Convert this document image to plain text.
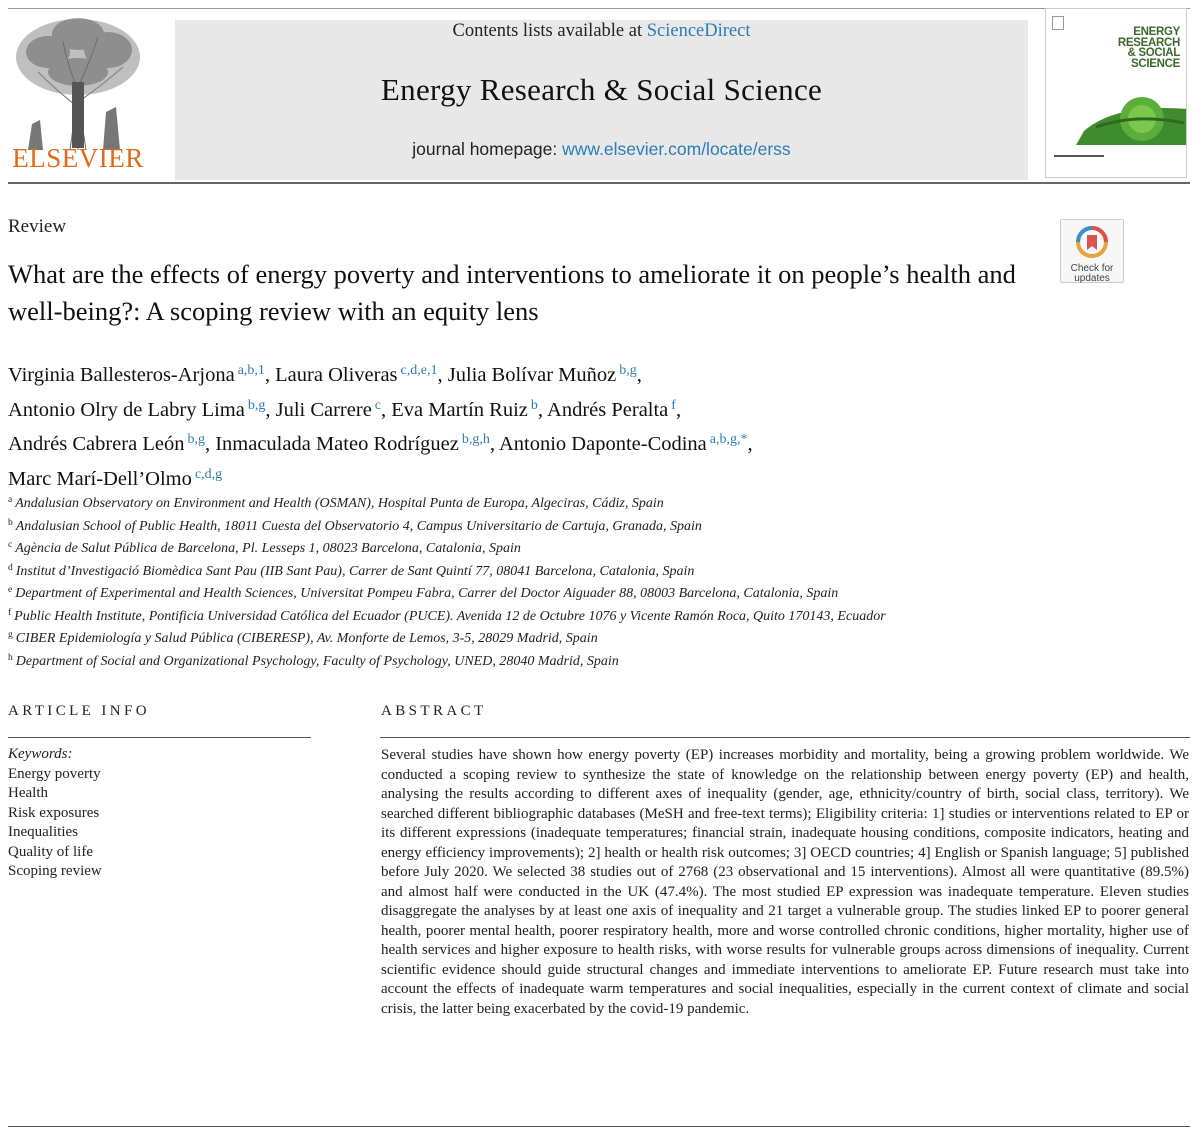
ELSEVIER
Contents lists available at ScienceDirect
Energy Research & Social Science
journal homepage: www.elsevier.com/locate/erss
ENERGY
RESEARCH
& SOCIAL
SCIENCE
Review
Check for updates
What are the effects of energy poverty and interventions to ameliorate it on people’s health and well-being?: A scoping review with an equity lens
Virginia Ballesteros-Arjona $^{a,b,1}$, Laura Oliveras $^{c,d,e,1}$, Julia Bolívar Muñoz $^{b,g}$,
Antonio Olry de Labry Lima $^{b,g}$, Juli Carrere $^c$, Eva Martín Ruiz $^b$, Andrés Peralta $^f$,
Andrés Cabrera León $^{b,g}$, Inmaculada Mateo Rodríguez $^{b,g,h}$, Antonio Daponte-Codina $^{a,b,g,*}$,
Marc Marí-Dell’Olmo $^{c,d,g}$
$^a$ Andalusian Observatory on Environment and Health (OSMAN), Hospital Punta de Europa, Algeciras, Cádiz, Spain
$^b$ Andalusian School of Public Health, 18011 Cuesta del Observatorio 4, Campus Universitario de Cartuja, Granada, Spain
$^c$ Agència de Salut Pública de Barcelona, Pl. Lesseps 1, 08023 Barcelona, Catalonia, Spain
$^d$ Institut d’Investigació Biomèdica Sant Pau (IIB Sant Pau), Carrer de Sant Quintí 77, 08041 Barcelona, Catalonia, Spain
$^e$ Department of Experimental and Health Sciences, Universitat Pompeu Fabra, Carrer del Doctor Aiguader 88, 08003 Barcelona, Catalonia, Spain
$^f$ Public Health Institute, Pontificia Universidad Católica del Ecuador (PUCE). Avenida 12 de Octubre 1076 y Vicente Ramón Roca, Quito 170143, Ecuador
$^g$ CIBER Epidemiología y Salud Pública (CIBERESP), Av. Monforte de Lemos, 3-5, 28029 Madrid, Spain
$^h$ Department of Social and Organizational Psychology, Faculty of Psychology, UNED, 28040 Madrid, Spain
ARTICLE INFO	ABSTRACT
Keywords:
Energy poverty
Health
Risk exposures
Inequalities
Quality of life
Scoping review
Several studies have shown how energy poverty (EP) increases morbidity and mortality, being a growing problem worldwide. We conducted a scoping review to synthesize the state of knowledge on the relationship between energy poverty (EP) and health, analysing the results according to different axes of inequality (gender, age, ethnicity/country of birth, social class, territory). We searched different bibliographic databases (MeSH and free-text terms); Eligibility criteria: 1] studies or interventions related to EP or its different expressions (inadequate temperatures; financial strain, inadequate housing conditions, composite indicators, heating and energy efficiency improvements); 2] health or health risk outcomes; 3] OECD countries; 4] English or Spanish language; 5] published before July 2020. We selected 38 studies out of 2768 (23 observational and 15 interventions). Almost all were quantitative (89.5%) and almost half were conducted in the UK (47.4%). The most studied EP expression was inadequate temperature. Eleven studies disaggregate the analyses by at least one axis of inequality and 21 target a vulnerable group. The studies linked EP to poorer general health, poorer mental health, poorer respiratory health, more and worse controlled chronic conditions, higher mortality, higher use of health services and higher exposure to health risks, with worse results for vulnerable groups across dimensions of inequality. Current scientific evidence should guide structural changes and immediate interventions to ameliorate EP. Future research must take into account the effects of inadequate warm temperatures and social inequalities, especially in the current context of climate and social crisis, the latter being exacerbated by the covid-19 pandemic.
